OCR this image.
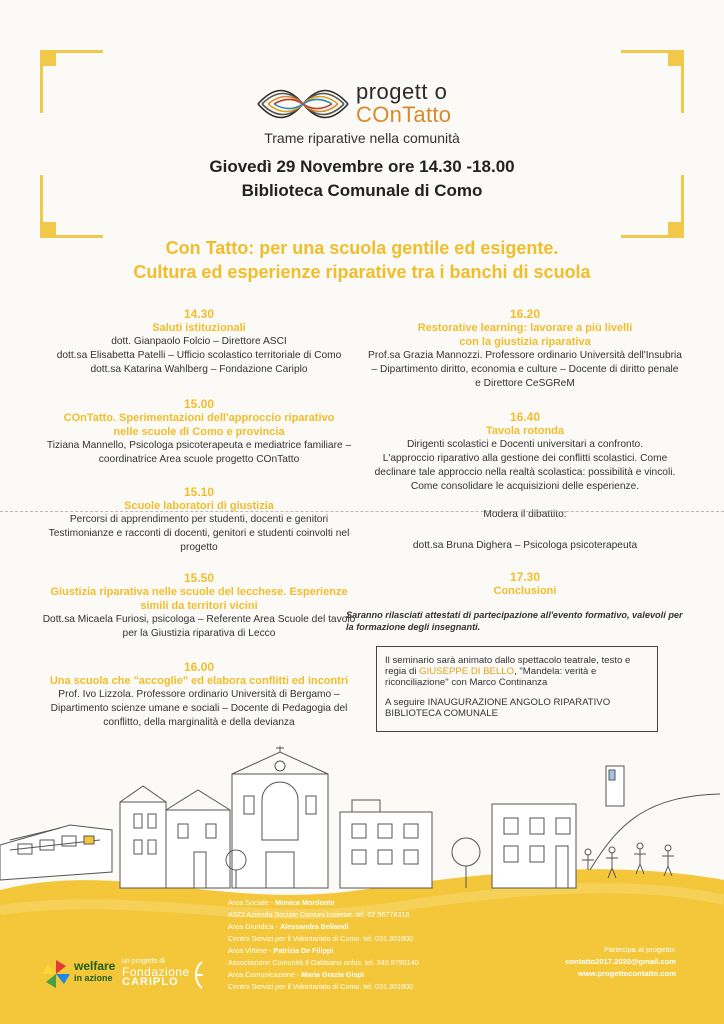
progett o
COnTatto
Trame riparative nella comunità
Giovedì 29 Novembre ore 14.30 -18.00
Biblioteca Comunale di Como
Con Tatto: per una scuola gentile ed esigente.
Cultura ed esperienze riparative tra i banchi di scuola
14.30
Saluti istituzionali
dott. Gianpaolo Folcio – Direttore ASCI
dott.sa Elisabetta Patelli – Ufficio scolastico territoriale di Como
dott.sa Katarina Wahlberg – Fondazione Cariplo
15.00
COnTatto. Sperimentazioni dell'approccio riparativo
nelle scuole di Como e provincia
Tiziana Mannello, Psicologa psicoterapeuta e mediatrice familiare –
coordinatrice Area scuole progetto COnTatto
15.10
Scuole laboratori di giustizia
Percorsi di apprendimento per studenti, docenti e genitori
Testimonianze e racconti di docenti, genitori e studenti coinvolti nel
progetto
15.50
Giustizia riparativa nelle scuole del lecchese. Esperienze
simili da territori vicini
Dott.sa Micaela Furiosi, psicologa – Referente Area Scuole del tavolo
per la Giustizia riparativa di Lecco
16.00
Una scuola che "accoglie" ed elabora conflitti ed incontri
Prof. Ivo Lizzola. Professore ordinario Università di Bergamo –
Dipartimento scienze umane e sociali – Docente di Pedagogia del
conflitto, della marginalità e della devianza
16.20
Restorative learning: lavorare a più livelli
con la giustizia riparativa
Prof.sa Grazia Mannozzi. Professore ordinario Università dell'Insubria
– Dipartimento diritto, economia e culture – Docente di diritto penale
e Direttore CeSGReM
16.40
Tavola rotonda
Dirigenti scolastici e Docenti universitari a confronto.
L'approccio riparativo alla gestione dei conflitti scolastici. Come
declinare tale approccio nella realtà scolastica: possibilità e vincoli.
Come consolidare le acquisizioni delle esperienze.
Modera il dibattito:
dott.sa Bruna Dighera – Psicologa psicoterapeuta
17.30
Conclusioni
Saranno rilasciati attestati di partecipazione all'evento formativo, valevoli per la formazione degli insegnanti.
Il seminario sarà animato dallo spettacolo teatrale, testo e regia di GIUSEPPE DI BELLO, "Mandela: verità e riconciliazione" con Marco Continanza
A seguire INAUGURAZIONE ANGOLO RIPARATIVO BIBLIOTECA COMUNALE
Area Sociale - Monica Mordonte
ASCI Azienda Sociale Comuni Insieme. tel. 02.96778318
Area Giuridica - Alessandra Bellandi
Centro Servizi per il Volontariato di Como. tel. 031.301800
Area Vittime - Patrizia De Filippi
Associazione Comunità Il Gabbiano onlus. tel. 340.9790140
Area Comunicazione - Maria Grazia Gispi
Centro Servizi per il Volontariato di Como. tel. 031.301800
Partecipa al progetto:
contatto2017.2020@gmail.com
www.progettocontatto.com
welfare
in azione
un progetto di
Fondazione
CARIPLO
